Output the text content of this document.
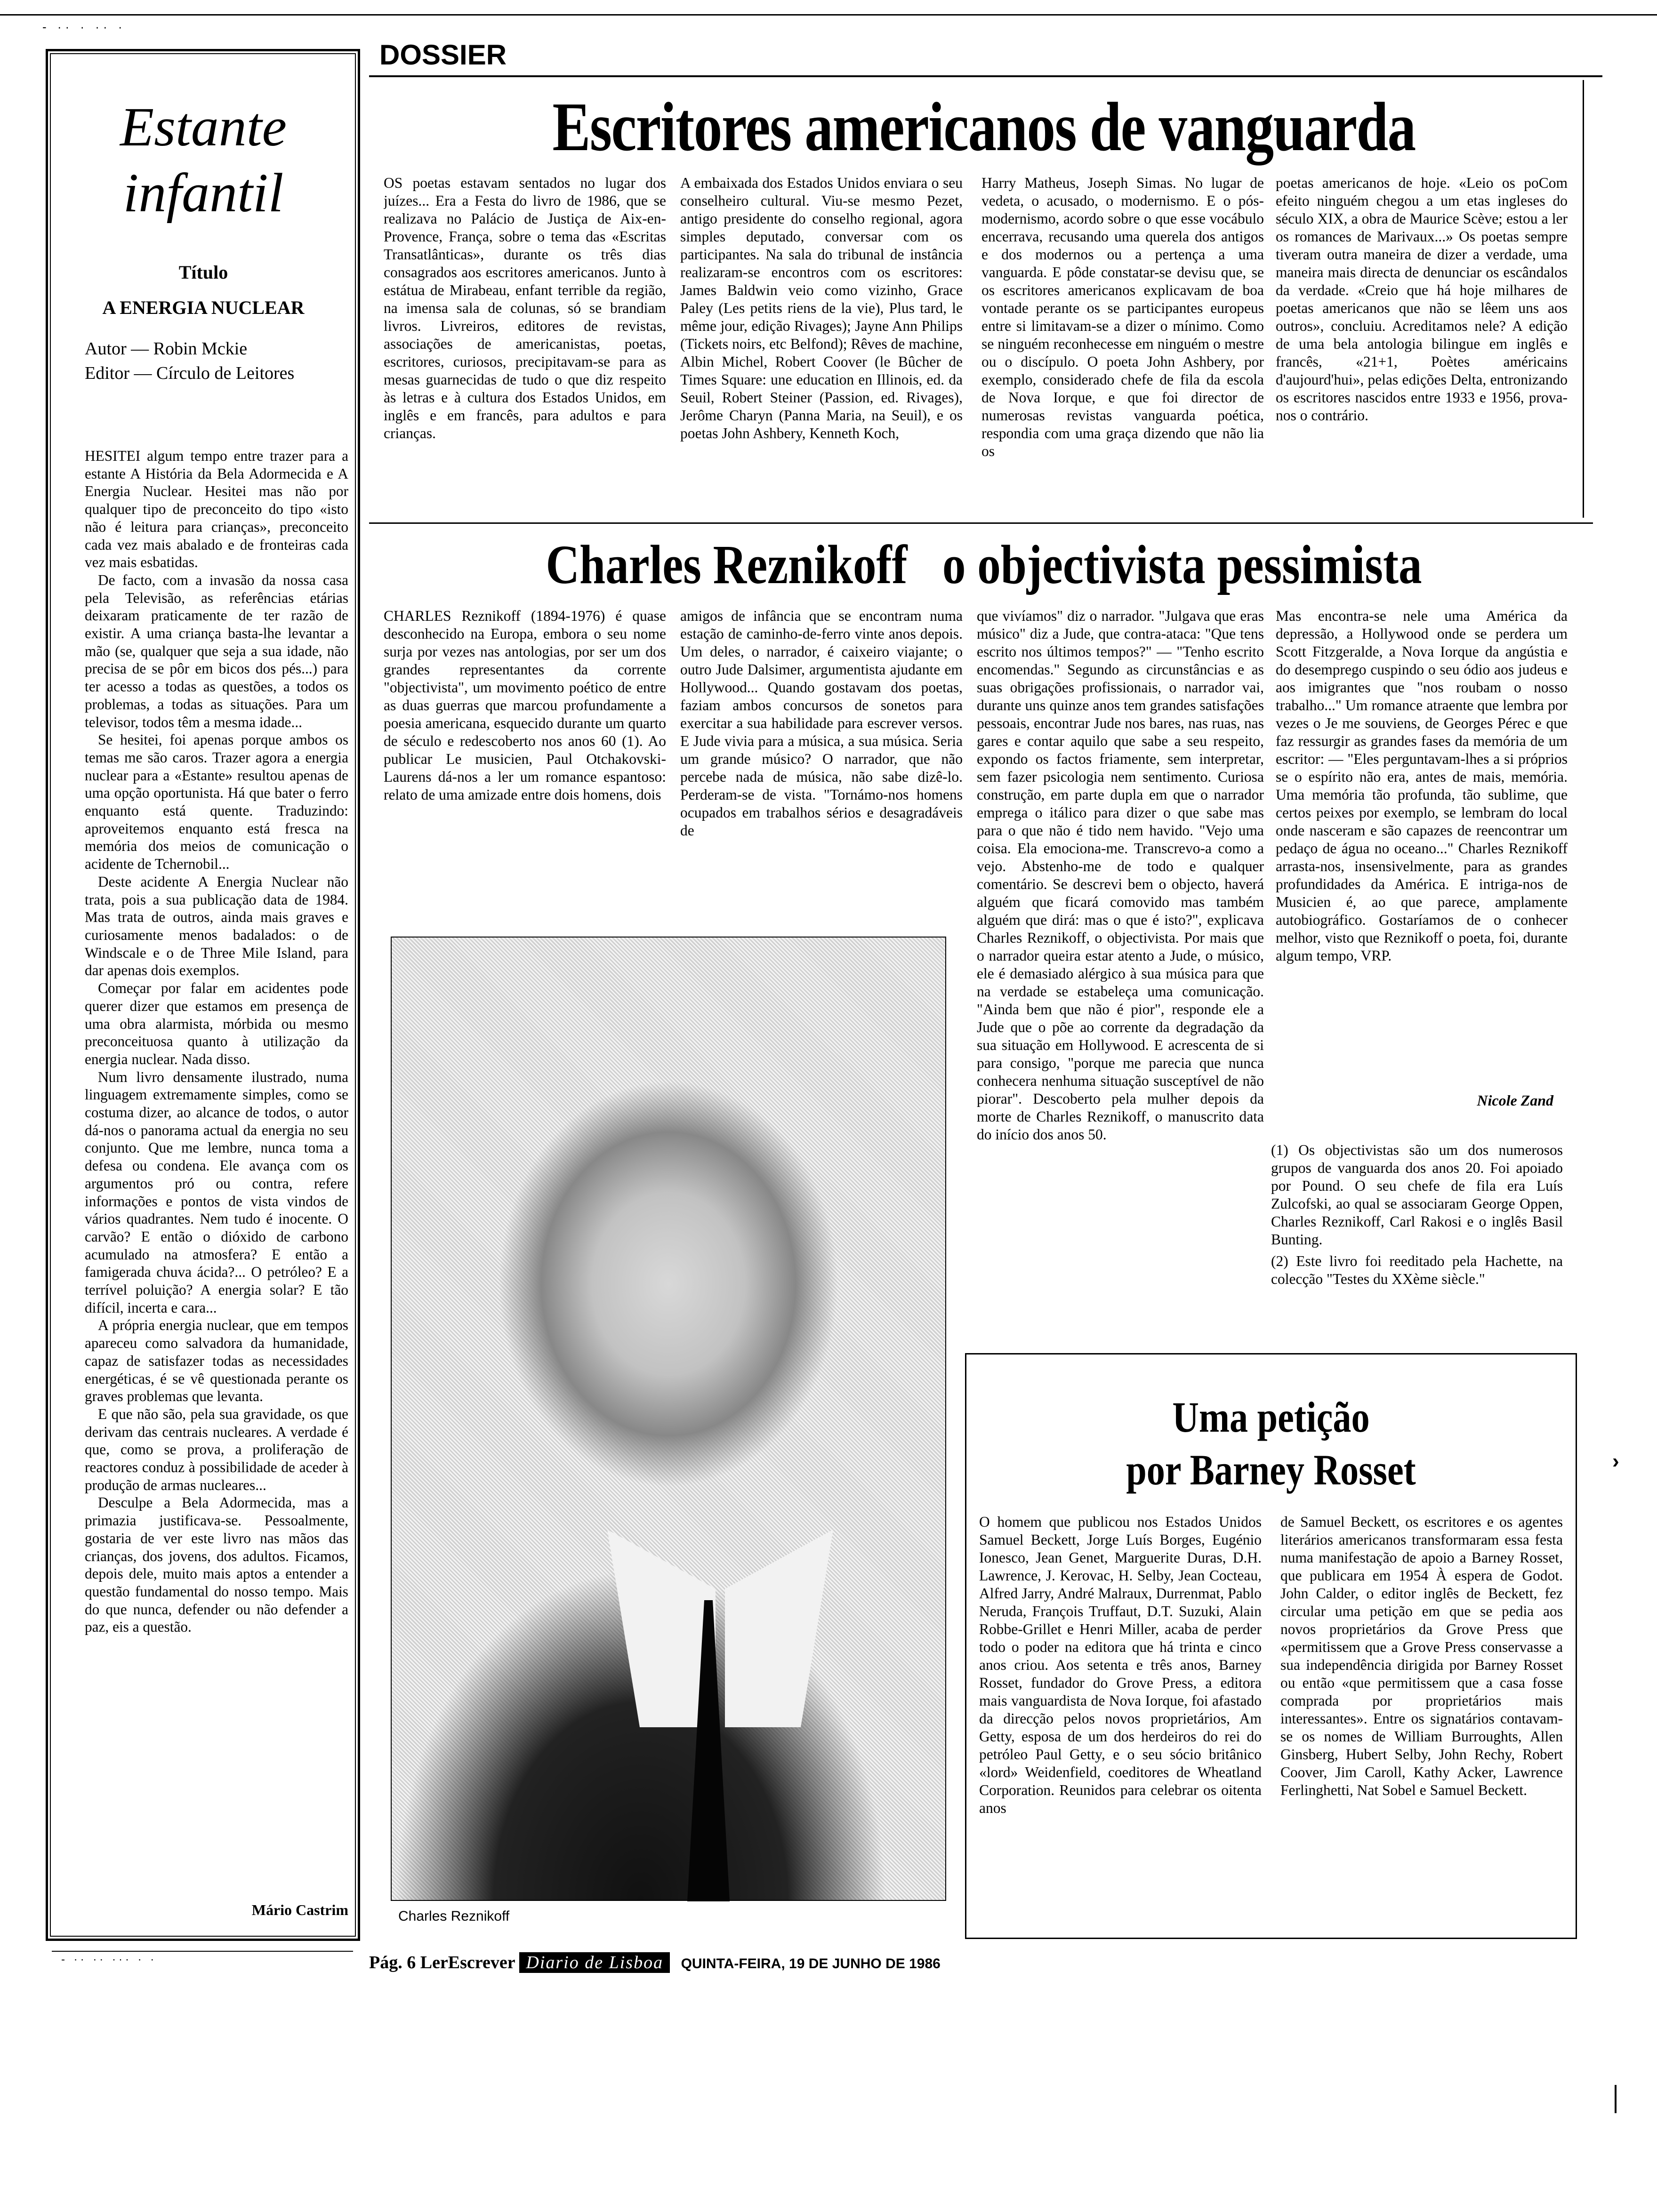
- ·· · ·· ·
DOSSIER
Estante
infantil
Título
A ENERGIA NUCLEAR
Autor — Robin Mckie
Editor — Círculo de Leitores

HESITEI algum tempo entre trazer para a estante A História da Bela Adormecida e A Energia Nuclear. Hesitei mas não por qualquer tipo de preconceito do tipo «isto não é leitura para crianças», preconceito cada vez mais abalado e de fronteiras cada vez mais esbatidas.

De facto, com a invasão da nossa casa pela Televisão, as referências etárias deixaram praticamente de ter razão de existir. A uma criança basta-lhe levantar a mão (se, qualquer que seja a sua idade, não precisa de se pôr em bicos dos pés...) para ter acesso a todas as questões, a todos os problemas, a todas as situações. Para um televisor, todos têm a mesma idade...

Se hesitei, foi apenas porque ambos os temas me são caros. Trazer agora a energia nuclear para a «Estante» resultou apenas de uma opção oportunista. Há que bater o ferro enquanto está quente. Traduzindo: aproveitemos enquanto está fresca na memória dos meios de comunicação o acidente de Tchernobil...

Deste acidente A Energia Nuclear não trata, pois a sua publicação data de 1984. Mas trata de outros, ainda mais graves e curiosamente menos badalados: o de Windscale e o de Three Mile Island, para dar apenas dois exemplos.

Começar por falar em acidentes pode querer dizer que estamos em presença de uma obra alarmista, mórbida ou mesmo preconceituosa quanto à utilização da energia nuclear. Nada disso.

Num livro densamente ilustrado, numa linguagem extremamente simples, como se costuma dizer, ao alcance de todos, o autor dá-nos o panorama actual da energia no seu conjunto. Que me lembre, nunca toma a defesa ou condena. Ele avança com os argumentos pró ou contra, refere informações e pontos de vista vindos de vários quadrantes. Nem tudo é inocente. O carvão? E então o dióxido de carbono acumulado na atmosfera? E então a famigerada chuva ácida?... O petróleo? E a terrível poluição? A energia solar? E tão difícil, incerta e cara...

A própria energia nuclear, que em tempos apareceu como salvadora da humanidade, capaz de satisfazer todas as necessidades energéticas, é se vê questionada perante os graves problemas que levanta.

E que não são, pela sua gravidade, os que derivam das centrais nucleares. A verdade é que, como se prova, a proliferação de reactores conduz à possibilidade de aceder à produção de armas nucleares...

Desculpe a Bela Adormecida, mas a primazia justificava-se. Pessoalmente, gostaria de ver este livro nas mãos das crianças, dos jovens, dos adultos. Ficamos, depois dele, muito mais aptos a entender a questão fundamental do nosso tempo. Mais do que nunca, defender ou não defender a paz, eis a questão.

Mário Castrim
Escritores americanos de vanguarda

OS poetas estavam sentados no lugar dos juízes... Era a Festa do livro de 1986, que se realizava no Palácio de Justiça de Aix-en-Provence, França, sobre o tema das «Escritas Transatlânticas», durante os três dias consagrados aos escritores americanos. Junto à estátua de Mirabeau, enfant terrible da região, na imensa sala de colunas, só se brandiam livros. Livreiros, editores de revistas, associações de americanistas, poetas, escritores, curiosos, precipitavam-se para as mesas guarnecidas de tudo o que diz respeito às letras e à cultura dos Estados Unidos, em inglês e em francês, para adultos e para crianças.

A embaixada dos Estados Unidos enviara o seu conselheiro cultural. Viu-se mesmo Pezet, antigo presidente do conselho regional, agora simples deputado, conversar com os participantes. Na sala do tribunal de instância realizaram-se encontros com os escritores: James Baldwin veio como vizinho, Grace Paley (Les petits riens de la vie), Plus tard, le même jour, edição Rivages); Jayne Ann Philips (Tickets noirs, etc Belfond); Rêves de machine, Albin Michel, Robert Coover (le Bûcher de Times Square: une education en Illinois, ed. da Seuil, Robert Steiner (Passion, ed. Rivages), Jerôme Charyn (Panna Maria, na Seuil), e os poetas John Ashbery, Kenneth Koch,

Harry Matheus, Joseph Simas. No lugar de vedeta, o acusado, o modernismo. E o pós-modernismo, acordo sobre o que esse vocábulo encerrava, recusando uma querela dos antigos e dos modernos ou a pertença a uma vanguarda. E pôde constatar-se devisu que, se os escritores americanos explicavam de boa vontade perante os se participantes europeus entre si limitavam-se a dizer o mínimo. Como se ninguém reconhecesse em ninguém o mestre ou o discípulo. O poeta John Ashbery, por exemplo, considerado chefe de fila da escola de Nova Iorque, e que foi director de numerosas revistas vanguarda poética, respondia com uma graça dizendo que não lia os

poetas americanos de hoje. «Leio os poCom efeito ninguém chegou a um etas ingleses do século XIX, a obra de Maurice Scève; estou a ler os romances de Marivaux...» Os poetas sempre tiveram outra maneira de dizer a verdade, uma maneira mais directa de denunciar os escândalos da verdade. «Creio que há hoje milhares de poetas americanos que não se lêem uns aos outros», concluiu. Acreditamos nele? A edição de uma bela antologia bilingue em inglês e francês, «21+1, Poètes américains d'aujourd'hui», pelas edições Delta, entronizando os escritores nascidos entre 1933 e 1956, prova-nos o contrário.

Charles Reznikoff o objectivista pessimista

CHARLES Reznikoff (1894-1976) é quase desconhecido na Europa, embora o seu nome surja por vezes nas antologias, por ser um dos grandes representantes da corrente "objectivista", um movimento poético de entre as duas guerras que marcou profundamente a poesia americana, esquecido durante um quarto de século e redescoberto nos anos 60 (1). Ao publicar Le musicien, Paul Otchakovski-Laurens dá-nos a ler um romance espantoso: relato de uma amizade entre dois homens, dois

amigos de infância que se encontram numa estação de caminho-de-ferro vinte anos depois. Um deles, o narrador, é caixeiro viajante; o outro Jude Dalsimer, argumentista ajudante em Hollywood... Quando gostavam dos poetas, faziam ambos concursos de sonetos para exercitar a sua habilidade para escrever versos. E Jude vivia para a música, a sua música. Seria um grande músico? O narrador, que não percebe nada de música, não sabe dizê-lo. Perderam-se de vista. "Tornámo-nos homens ocupados em trabalhos sérios e desagradáveis de

que vivíamos" diz o narrador. "Julgava que eras músico" diz a Jude, que contra-ataca: "Que tens escrito nos últimos tempos?" — "Tenho escrito encomendas." Segundo as circunstâncias e as suas obrigações profissionais, o narrador vai, durante uns quinze anos tem grandes satisfações pessoais, encontrar Jude nos bares, nas ruas, nas gares e contar aquilo que sabe a seu respeito, expondo os factos friamente, sem interpretar, sem fazer psicologia nem sentimento. Curiosa construção, em parte dupla em que o narrador emprega o itálico para dizer o que sabe mas para o que não é tido nem havido. "Vejo uma coisa. Ela emociona-me. Transcrevo-a como a vejo. Abstenho-me de todo e qualquer comentário. Se descrevi bem o objecto, haverá alguém que ficará comovido mas também alguém que dirá: mas o que é isto?", explicava Charles Reznikoff, o objectivista. Por mais que o narrador queira estar atento a Jude, o músico, ele é demasiado alérgico à sua música para que na verdade se estabeleça uma comunicação. "Ainda bem que não é pior", responde ele a Jude que o põe ao corrente da degradação da sua situação em Hollywood. E acrescenta de si para consigo, "porque me parecia que nunca conhecera nenhuma situação susceptível de não piorar". Descoberto pela mulher depois da morte de Charles Reznikoff, o manuscrito data do início dos anos 50.

Mas encontra-se nele uma América da depressão, a Hollywood onde se perdera um Scott Fitzgeralde, a Nova Iorque da angústia e do desemprego cuspindo o seu ódio aos judeus e aos imigrantes que "nos roubam o nosso trabalho..." Um romance atraente que lembra por vezes o Je me souviens, de Georges Pérec e que faz ressurgir as grandes fases da memória de um escritor: — "Eles perguntavam-lhes a si próprios se o espírito não era, antes de mais, memória. Uma memória tão profunda, tão sublime, que certos peixes por exemplo, se lembram do local onde nasceram e são capazes de reencontrar um pedaço de água no oceano..." Charles Reznikoff arrasta-nos, insensivelmente, para as grandes profundidades da América. E intriga-nos de Musicien é, ao que parece, amplamente autobiográfico. Gostaríamos de o conhecer melhor, visto que Reznikoff o poeta, foi, durante algum tempo, VRP.

Nicole Zand

(1) Os objectivistas são um dos numerosos grupos de vanguarda dos anos 20. Foi apoiado por Pound. O seu chefe de fila era Luís Zulcofski, ao qual se associaram George Oppen, Charles Reznikoff, Carl Rakosi e o inglês Basil Bunting.

(2) Este livro foi reeditado pela Hachette, na colecção "Testes du XXème siècle."

Charles Reznikoff
Uma petição
por Barney Rosset

O homem que publicou nos Estados Unidos Samuel Beckett, Jorge Luís Borges, Eugénio Ionesco, Jean Genet, Marguerite Duras, D.H. Lawrence, J. Kerovac, H. Selby, Jean Cocteau, Alfred Jarry, André Malraux, Durrenmat, Pablo Neruda, François Truffaut, D.T. Suzuki, Alain Robbe-Grillet e Henri Miller, acaba de perder todo o poder na editora que há trinta e cinco anos criou. Aos setenta e três anos, Barney Rosset, fundador do Grove Press, a editora mais vanguardista de Nova Iorque, foi afastado da direcção pelos novos proprietários, Am Getty, esposa de um dos herdeiros do rei do petróleo Paul Getty, e o seu sócio britânico «lord» Weidenfield, coeditores de Wheatland Corporation. Reunidos para celebrar os oitenta anos

de Samuel Beckett, os escritores e os agentes literários americanos transformaram essa festa numa manifestação de apoio a Barney Rosset, que publicara em 1954 À espera de Godot. John Calder, o editor inglês de Beckett, fez circular uma petição em que se pedia aos novos proprietários da Grove Press que «permitissem que a Grove Press conservasse a sua independência dirigida por Barney Rosset ou então «que permitissem que a casa fosse comprada por proprietários mais interessantes». Entre os signatários contavam-se os nomes de William Burroughts, Allen Ginsberg, Hubert Selby, John Rechy, Robert Coover, Jim Caroll, Kathy Acker, Lawrence Ferlinghetti, Nat Sobel e Samuel Beckett.

- ·· ·· ··· · ·	Pág. 6 LerEscrever Diario de Lisboa QUINTA-FEIRA, 19 DE JUNHO DE 1986
›
